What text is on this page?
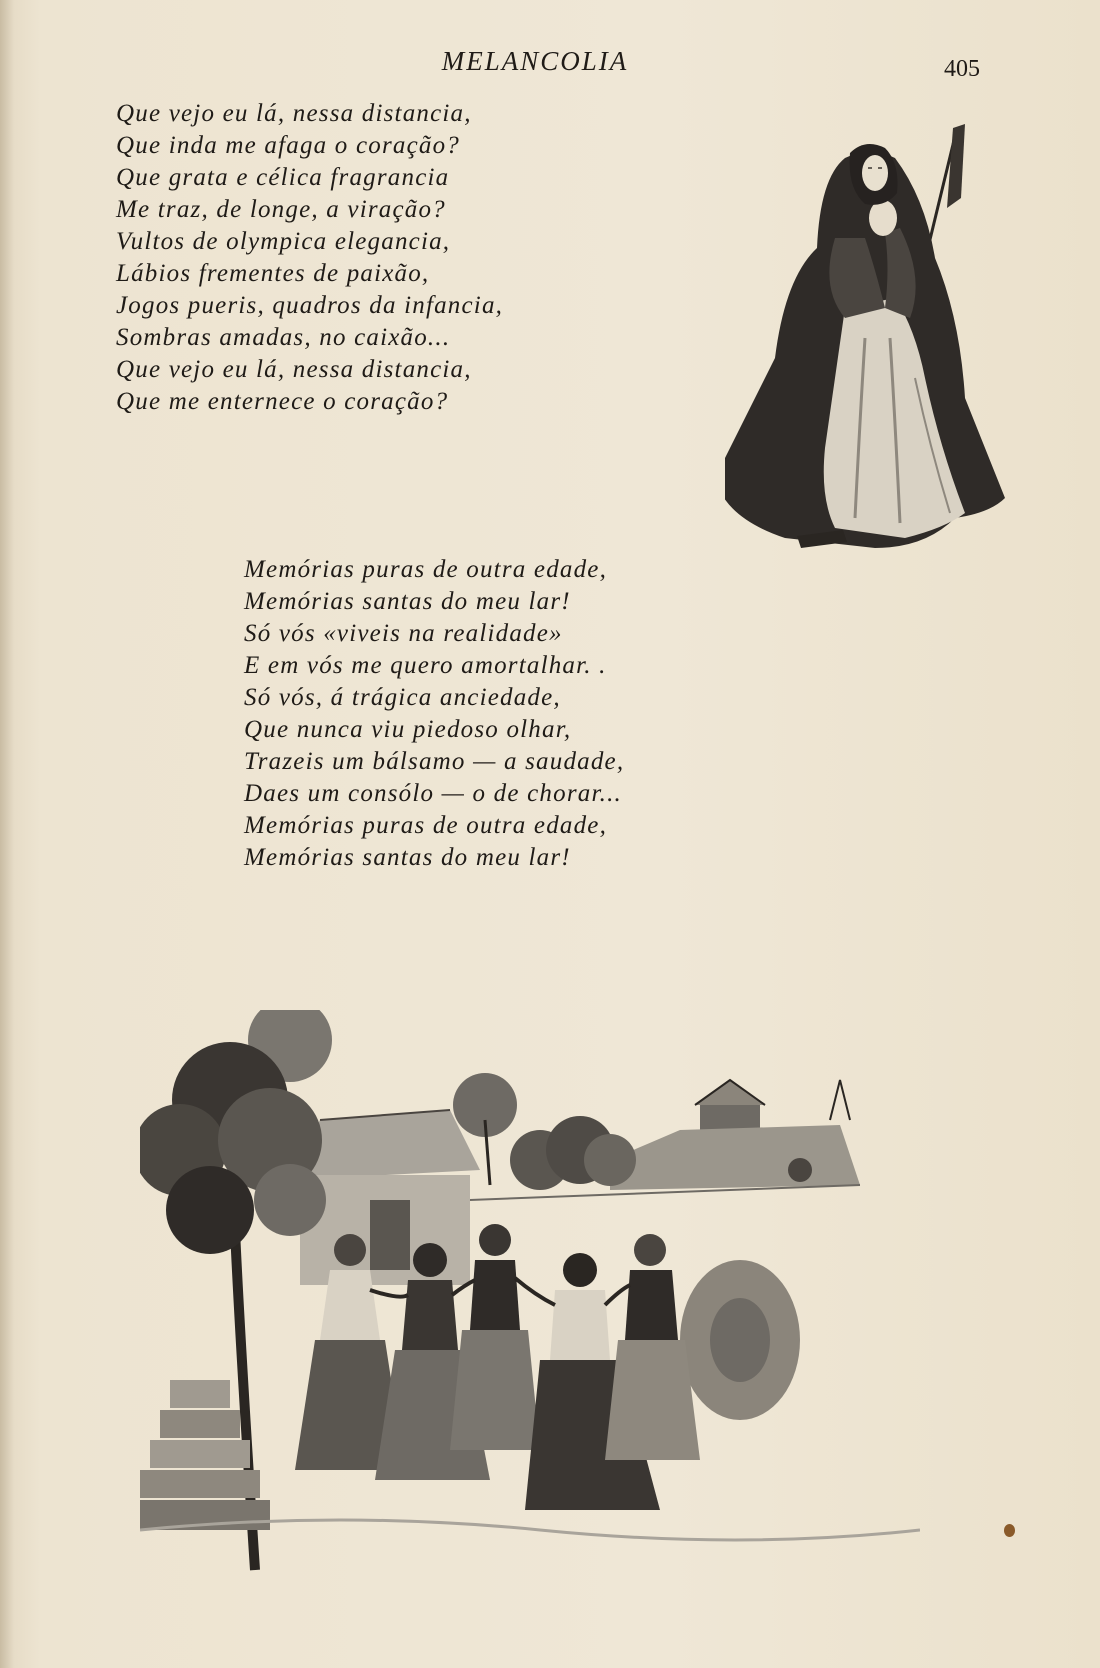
MELANCOLIA	405
Que vejo eu lá, nessa distancia,
Que inda me afaga o coração?
Que grata e célica fragrancia
Me traz, de longe, a viração?
Vultos de olympica elegancia,
Lábios frementes de paixão,
Jogos pueris, quadros da infancia,
Sombras amadas, no caixão...
Que vejo eu lá, nessa distancia,
Que me enternece o coração?
Memórias puras de outra edade,
Memórias santas do meu lar!
Só vós «viveis na realidade»
E em vós me quero amortalhar. .
Só vós, á trágica anciedade,
Que nunca viu piedoso olhar,
Trazeis um bálsamo — a saudade,
Daes um consólo — o de chorar...
Memórias puras de outra edade,
Memórias santas do meu lar!
